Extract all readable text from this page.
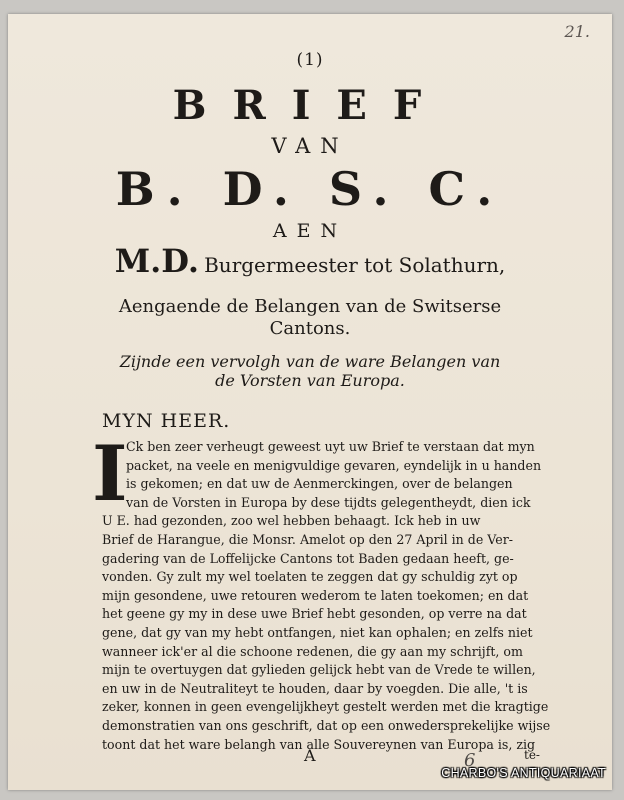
21.
(1)
BRIEF
VAN
B. D. S. C.
AEN
M.D. Burgermeester tot Solathurn,
Aengaende de Belangen van de Switserse
Cantons.
Zijnde een vervolgh van de ware Belangen van
de Vorsten van Europa.
MYN HEER.
I
Ck ben zeer verheugt geweest uyt uw Brief te verstaan dat myn
packet, na veele en menigvuldige gevaren, eyndelijk in u handen
is gekomen; en dat uw de Aenmerckingen, over de belangen
van de Vorsten in Europa by dese tijdts gelegentheydt, dien ick
U E. had gezonden, zoo wel hebben behaagt. Ick heb in uw
Brief de Harangue, die Monsr. Amelot op den 27 April in de Ver-
gadering van de Loffelijcke Cantons tot Baden gedaan heeft, ge-
vonden. Gy zult my wel toelaten te zeggen dat gy schuldig zyt op
mijn gesondene, uwe retouren wederom te laten toekomen; en dat
het geene gy my in dese uwe Brief hebt gesonden, op verre na dat
gene, dat gy van my hebt ontfangen, niet kan ophalen; en zelfs niet
wanneer ick'er al die schoone redenen, die gy aan my schrijft, om
mijn te overtuygen dat gylieden gelijck hebt van de Vrede te willen,
en uw in de Neutraliteyt te houden, daar by voegden. Die alle, 't is
zeker, konnen in geen evengelijkheyt gestelt werden met die kragtige
demonstratien van ons geschrift, dat op een onwedersprekelijke wijse
toont dat het ware belangh van alle Souvereynen van Europa is, zig
A	6	te-
CHARBO'S ANTIQUARIAAT
